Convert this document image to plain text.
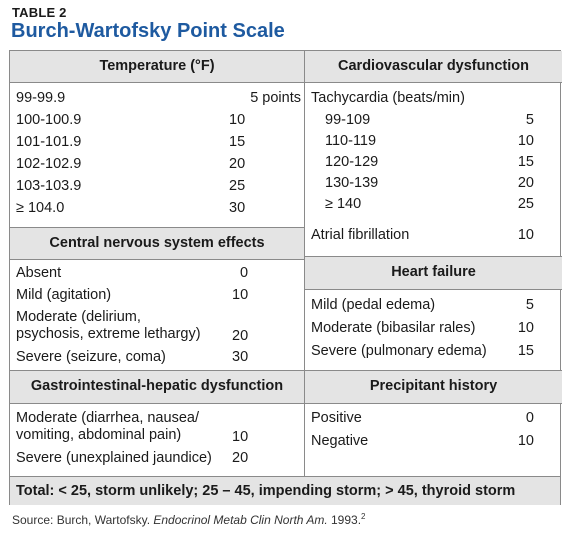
TABLE 2
Burch-Wartofsky Point Scale
Temperature (°F)
99-99.9	5 points
100-100.9	10
101-101.9	15
102-102.9	20
103-103.9	25
≥ 104.0	30
Central nervous system effects
Absent	0
Mild (agitation)	10
Moderate (delirium,
psychosis, extreme lethargy) 20
Severe (seizure, coma)	30
Gastrointestinal-hepatic dysfunction
Moderate (diarrhea, nausea/
vomiting, abdominal pain)	10
Severe (unexplained jaundice) 20
Cardiovascular dysfunction
Tachycardia (beats/min)
99-109	5
110-119	10
120-129	15
130-139	20
≥ 140	25
Atrial fibrillation	10
Heart failure
Mild (pedal edema)	5
Moderate (bibasilar rales)	10
Severe (pulmonary edema) 15
Precipitant history
Positive	0
Negative	10
Total: < 25, storm unlikely; 25 – 45, impending storm; > 45, thyroid storm
Source: Burch, Wartofsky. Endocrinol Metab Clin North Am. 1993.$^2$
